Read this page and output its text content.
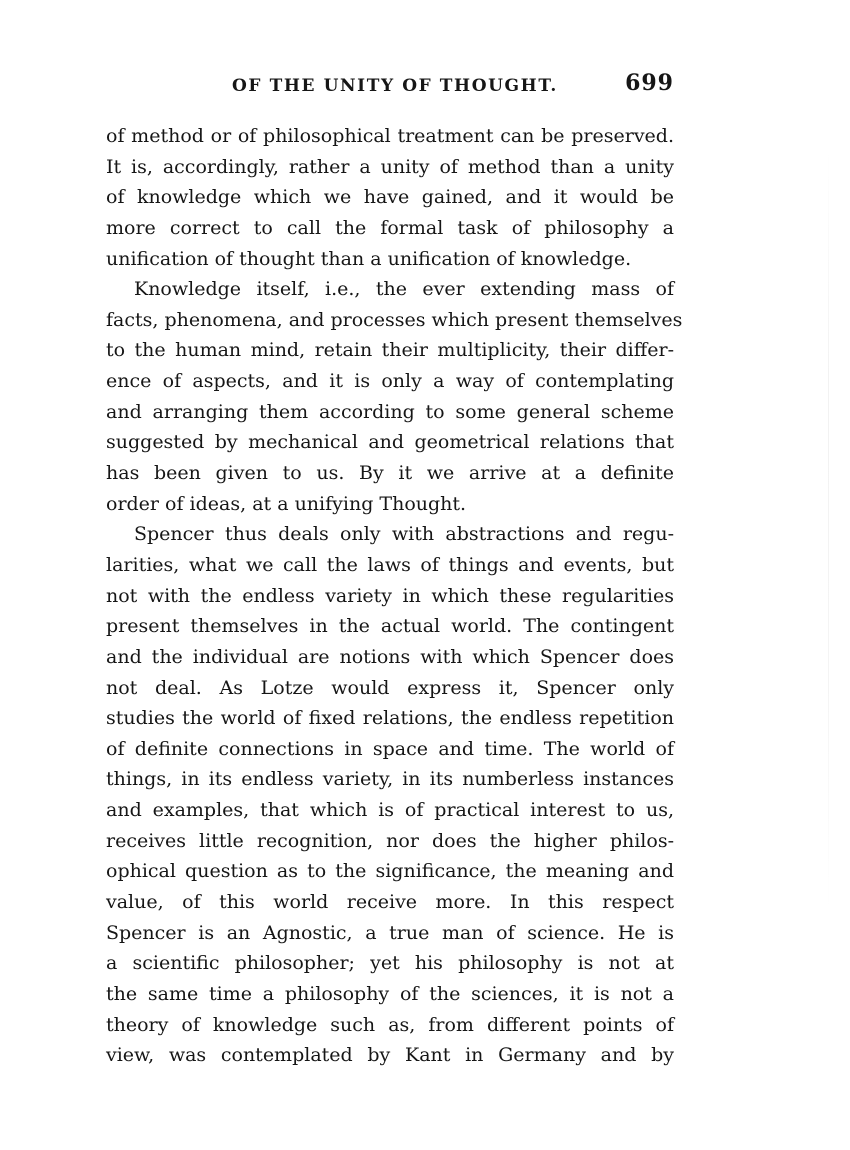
OF THE UNITY OF THOUGHT.	699
of method or of philosophical treatment can be preserved.
It is, accordingly, rather a unity of method than a unity
of knowledge which we have gained, and it would be
more correct to call the formal task of philosophy a
unification of thought than a unification of knowledge.
Knowledge itself, i.e., the ever extending mass of
facts, phenomena, and processes which present themselves
to the human mind, retain their multiplicity, their differ-
ence of aspects, and it is only a way of contemplating
and arranging them according to some general scheme
suggested by mechanical and geometrical relations that
has been given to us. By it we arrive at a definite
order of ideas, at a unifying Thought.
Spencer thus deals only with abstractions and regu-
larities, what we call the laws of things and events, but
not with the endless variety in which these regularities
present themselves in the actual world. The contingent
and the individual are notions with which Spencer does
not deal. As Lotze would express it, Spencer only
studies the world of fixed relations, the endless repetition
of definite connections in space and time. The world of
things, in its endless variety, in its numberless instances
and examples, that which is of practical interest to us,
receives little recognition, nor does the higher philos-
ophical question as to the significance, the meaning and
value, of this world receive more. In this respect
Spencer is an Agnostic, a true man of science. He is
a scientific philosopher; yet his philosophy is not at
the same time a philosophy of the sciences, it is not a
theory of knowledge such as, from different points of
view, was contemplated by Kant in Germany and by
